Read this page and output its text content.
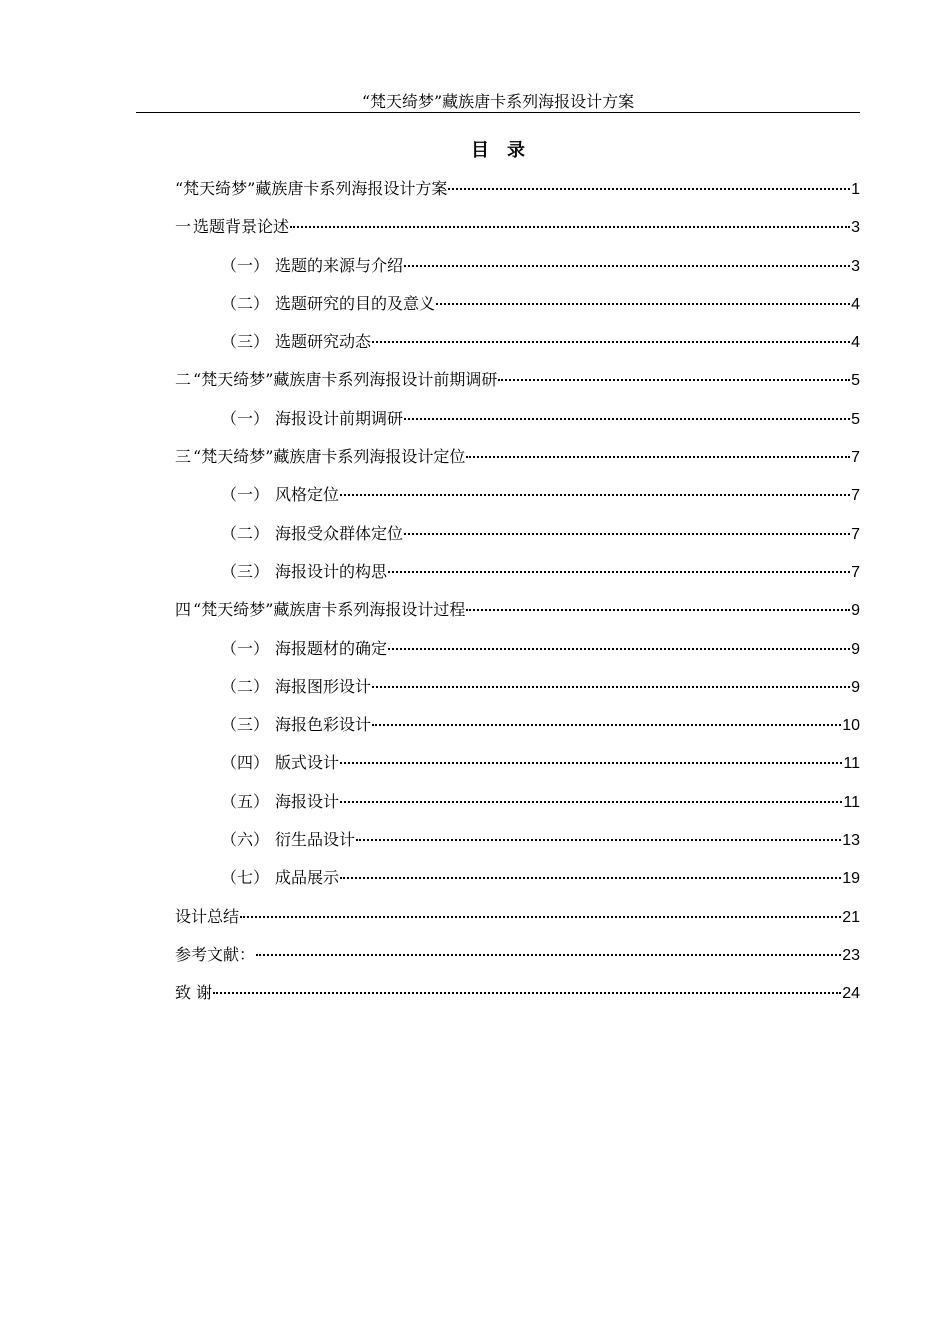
“梵天绮梦”藏族唐卡系列海报设计方案
目　录
“梵天绮梦”藏族唐卡系列海报设计方案	1
一 选题背景论述	3
（一） 选题的来源与介绍	3
（二） 选题研究的目的及意义	4
（三） 选题研究动态	4
二 “梵天绮梦”藏族唐卡系列海报设计前期调研	5
（一） 海报设计前期调研	5
三 “梵天绮梦”藏族唐卡系列海报设计定位	7
（一） 风格定位	7
（二） 海报受众群体定位	7
（三） 海报设计的构思	7
四 “梵天绮梦”藏族唐卡系列海报设计过程	9
（一） 海报题材的确定	9
（二） 海报图形设计	9
（三） 海报色彩设计	10
（四） 版式设计	11
（五） 海报设计	11
（六） 衍生品设计	13
（七） 成品展示	19
设计总结	21
参考文献：	23
致 谢	24
